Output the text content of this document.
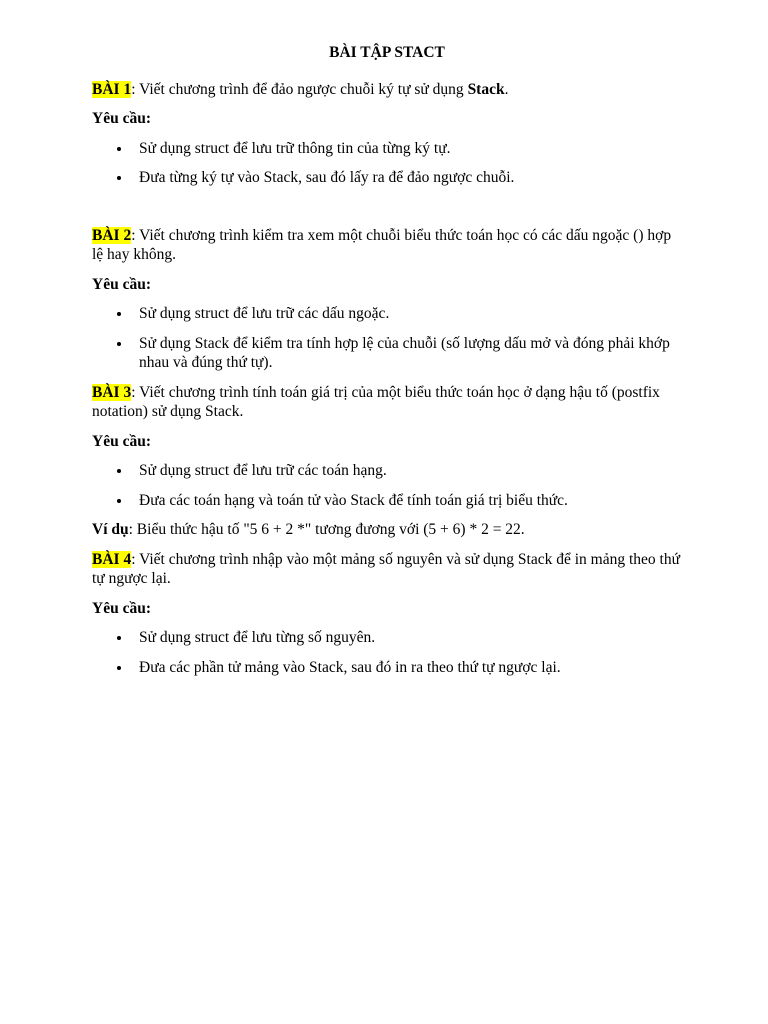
BÀI TẬP STACT

BÀI 1: Viết chương trình để đảo ngược chuỗi ký tự sử dụng Stack.

Yêu cầu:

Sử dụng struct để lưu trữ thông tin của từng ký tự.
Đưa từng ký tự vào Stack, sau đó lấy ra để đảo ngược chuỗi.

BÀI 2: Viết chương trình kiểm tra xem một chuỗi biểu thức toán học có các dấu ngoặc () hợp lệ hay không.

Yêu cầu:

Sử dụng struct để lưu trữ các dấu ngoặc.
Sử dụng Stack để kiểm tra tính hợp lệ của chuỗi (số lượng dấu mở và đóng phải khớp nhau và đúng thứ tự).

BÀI 3: Viết chương trình tính toán giá trị của một biểu thức toán học ở dạng hậu tố (postfix notation) sử dụng Stack.

Yêu cầu:

Sử dụng struct để lưu trữ các toán hạng.
Đưa các toán hạng và toán tử vào Stack để tính toán giá trị biểu thức.

Ví dụ: Biểu thức hậu tố "5 6 + 2 *" tương đương với (5 + 6) * 2 = 22.

BÀI 4: Viết chương trình nhập vào một mảng số nguyên và sử dụng Stack để in mảng theo thứ tự ngược lại.

Yêu cầu:

Sử dụng struct để lưu từng số nguyên.
Đưa các phần tử mảng vào Stack, sau đó in ra theo thứ tự ngược lại.
